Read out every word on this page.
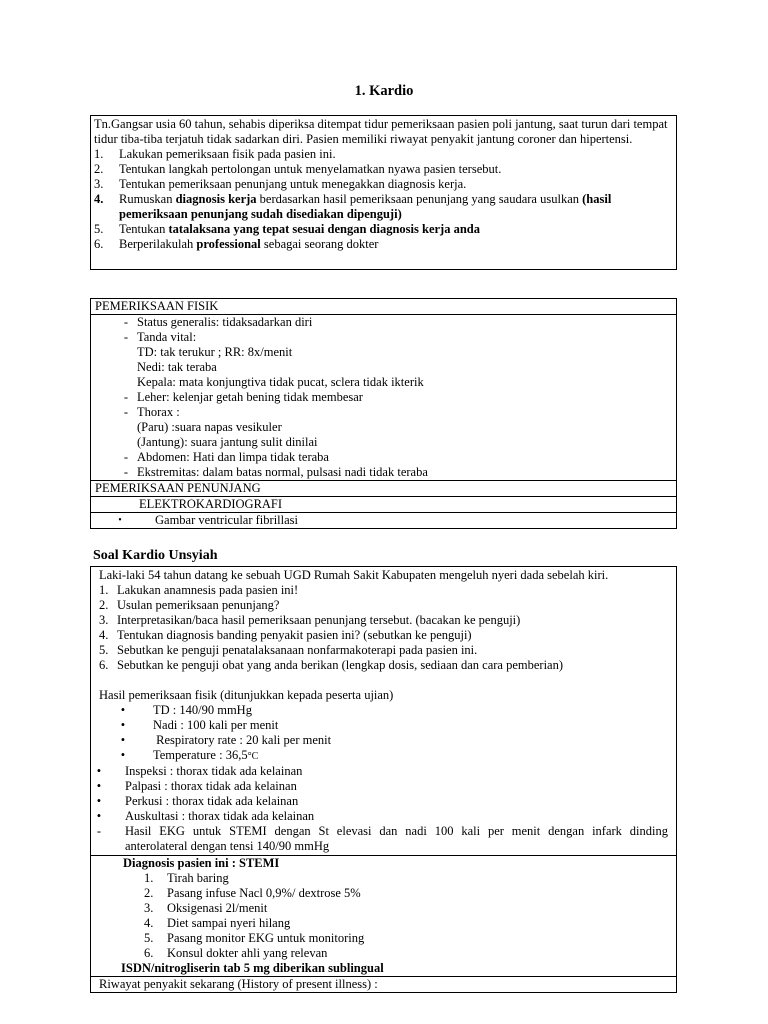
1. Kardio
Tn.Gangsar usia 60 tahun, sehabis diperiksa ditempat tidur pemeriksaan pasien poli jantung, saat turun dari tempat tidur tiba-tiba terjatuh tidak sadarkan diri. Pasien memiliki riwayat penyakit jantung coroner dan hipertensi.
1.	Lakukan pemeriksaan fisik pada pasien ini.
2.	Tentukan langkah pertolongan untuk menyelamatkan nyawa pasien tersebut.
3.	Tentukan pemeriksaan penunjang untuk menegakkan diagnosis kerja.
4.	Rumuskan diagnosis kerja berdasarkan hasil pemeriksaan penunjang yang saudara usulkan (hasil pemeriksaan penunjang sudah disediakan dipenguji)
5.	Tentukan tatalaksana yang tepat sesuai dengan diagnosis kerja anda
6.	Berperilakulah professional sebagai seorang dokter
PEMERIKSAAN FISIK
- Status generalis: tidaksadarkan diri
- Tanda vital:
TD: tak terukur ; RR: 8x/menit
Nedi: tak teraba
Kepala: mata konjungtiva tidak pucat, sclera tidak ikterik
- Leher: kelenjar getah bening tidak membesar
- Thorax :
(Paru) :suara napas vesikuler
(Jantung): suara jantung sulit dinilai
- Abdomen: Hati dan limpa tidak teraba
- Ekstremitas: dalam batas normal, pulsasi nadi tidak teraba
PEMERIKSAAN PENUNJANG
ELEKTROKARDIOGRAFI
•	Gambar ventricular fibrillasi
Soal Kardio Unsyiah
Laki-laki 54 tahun datang ke sebuah UGD Rumah Sakit Kabupaten mengeluh nyeri dada sebelah kiri.
1. Lakukan anamnesis pada pasien ini!
2. Usulan pemeriksaan penunjang?
3. Interpretasikan/baca hasil pemeriksaan penunjang tersebut. (bacakan ke penguji)
4. Tentukan diagnosis banding penyakit pasien ini? (sebutkan ke penguji)
5. Sebutkan ke penguji penatalaksanaan nonfarmakoterapi pada pasien ini.
6. Sebutkan ke penguji obat yang anda berikan (lengkap dosis, sediaan dan cara pemberian)
Hasil pemeriksaan fisik (ditunjukkan kepada peserta ujian)
•	TD : 140/90 mmHg
•	Nadi : 100 kali per menit
•	Respiratory rate : 20 kali per menit
•	Temperature : 36,5°C
•	Inspeksi : thorax tidak ada kelainan
•	Palpasi : thorax tidak ada kelainan
•	Perkusi : thorax tidak ada kelainan
•	Auskultasi : thorax tidak ada kelainan
-	Hasil EKG untuk STEMI dengan St elevasi dan nadi 100 kali per menit dengan infark dinding
anterolateral dengan tensi 140/90 mmHg
Diagnosis pasien ini : STEMI
1.	Tirah baring
2.	Pasang infuse Nacl 0,9%/ dextrose 5%
3.	Oksigenasi 2l/menit
4.	Diet sampai nyeri hilang
5.	Pasang monitor EKG untuk monitoring
6.	Konsul dokter ahli yang relevan
ISDN/nitrogliserin tab 5 mg diberikan sublingual
Riwayat penyakit sekarang (History of present illness) :
